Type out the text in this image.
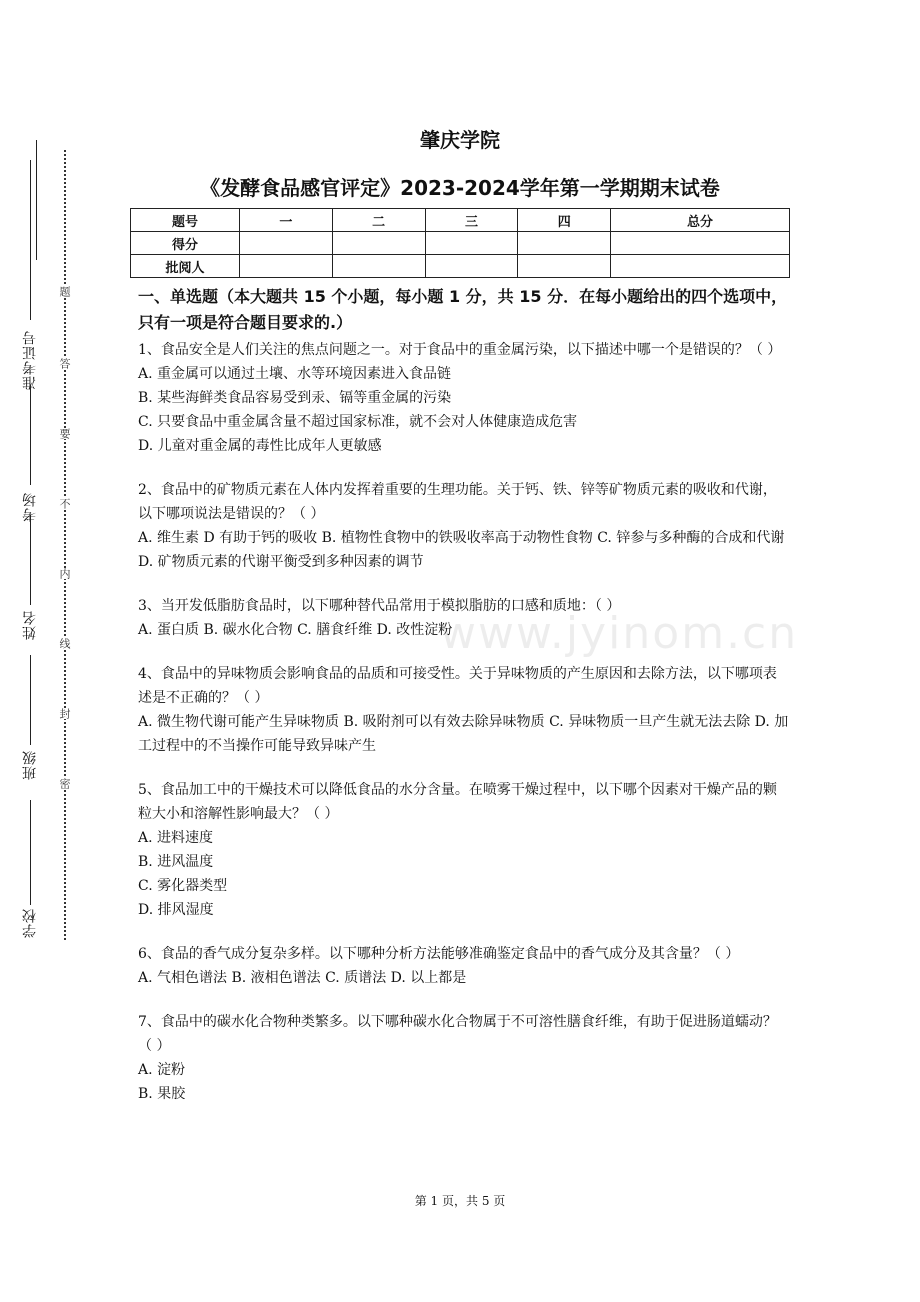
准考证号
考场
姓名
班级
学校
题
答
要
不
内
线
封
密
肇庆学院
《发酵食品感官评定》2023-2024学年第一学期期末试卷
题号	一	二	三	四	总分
得分					
批阅人					

一、单选题（本大题共 15 个小题，每小题 1 分，共 15 分．在每小题给出的四个选项中，只有一项是符合题目要求的.）

1、食品安全是人们关注的焦点问题之一。对于食品中的重金属污染，以下描述中哪一个是错误的？（ ）

A. 重金属可以通过土壤、水等环境因素进入食品链

B. 某些海鲜类食品容易受到汞、镉等重金属的污染

C. 只要食品中重金属含量不超过国家标准，就不会对人体健康造成危害

D. 儿童对重金属的毒性比成年人更敏感

2、食品中的矿物质元素在人体内发挥着重要的生理功能。关于钙、铁、锌等矿物质元素的吸收和代谢，以下哪项说法是错误的？（ ）

A. 维生素 D 有助于钙的吸收 B. 植物性食物中的铁吸收率高于动物性食物 C. 锌参与多种酶的合成和代谢 D. 矿物质元素的代谢平衡受到多种因素的调节

3、当开发低脂肪食品时，以下哪种替代品常用于模拟脂肪的口感和质地：（ ）

A. 蛋白质 B. 碳水化合物 C. 膳食纤维 D. 改性淀粉

4、食品中的异味物质会影响食品的品质和可接受性。关于异味物质的产生原因和去除方法，以下哪项表述是不正确的？（ ）

A. 微生物代谢可能产生异味物质 B. 吸附剂可以有效去除异味物质 C. 异味物质一旦产生就无法去除 D. 加工过程中的不当操作可能导致异味产生

5、食品加工中的干燥技术可以降低食品的水分含量。在喷雾干燥过程中，以下哪个因素对干燥产品的颗粒大小和溶解性影响最大？（ ）

A. 进料速度

B. 进风温度

C. 雾化器类型

D. 排风湿度

6、食品的香气成分复杂多样。以下哪种分析方法能够准确鉴定食品中的香气成分及其含量？（ ）

A. 气相色谱法 B. 液相色谱法 C. 质谱法 D. 以上都是

7、食品中的碳水化合物种类繁多。以下哪种碳水化合物属于不可溶性膳食纤维，有助于促进肠道蠕动？（ ）

A. 淀粉

B. 果胶

www.jyinom.cn
第 1 页，共 5 页
